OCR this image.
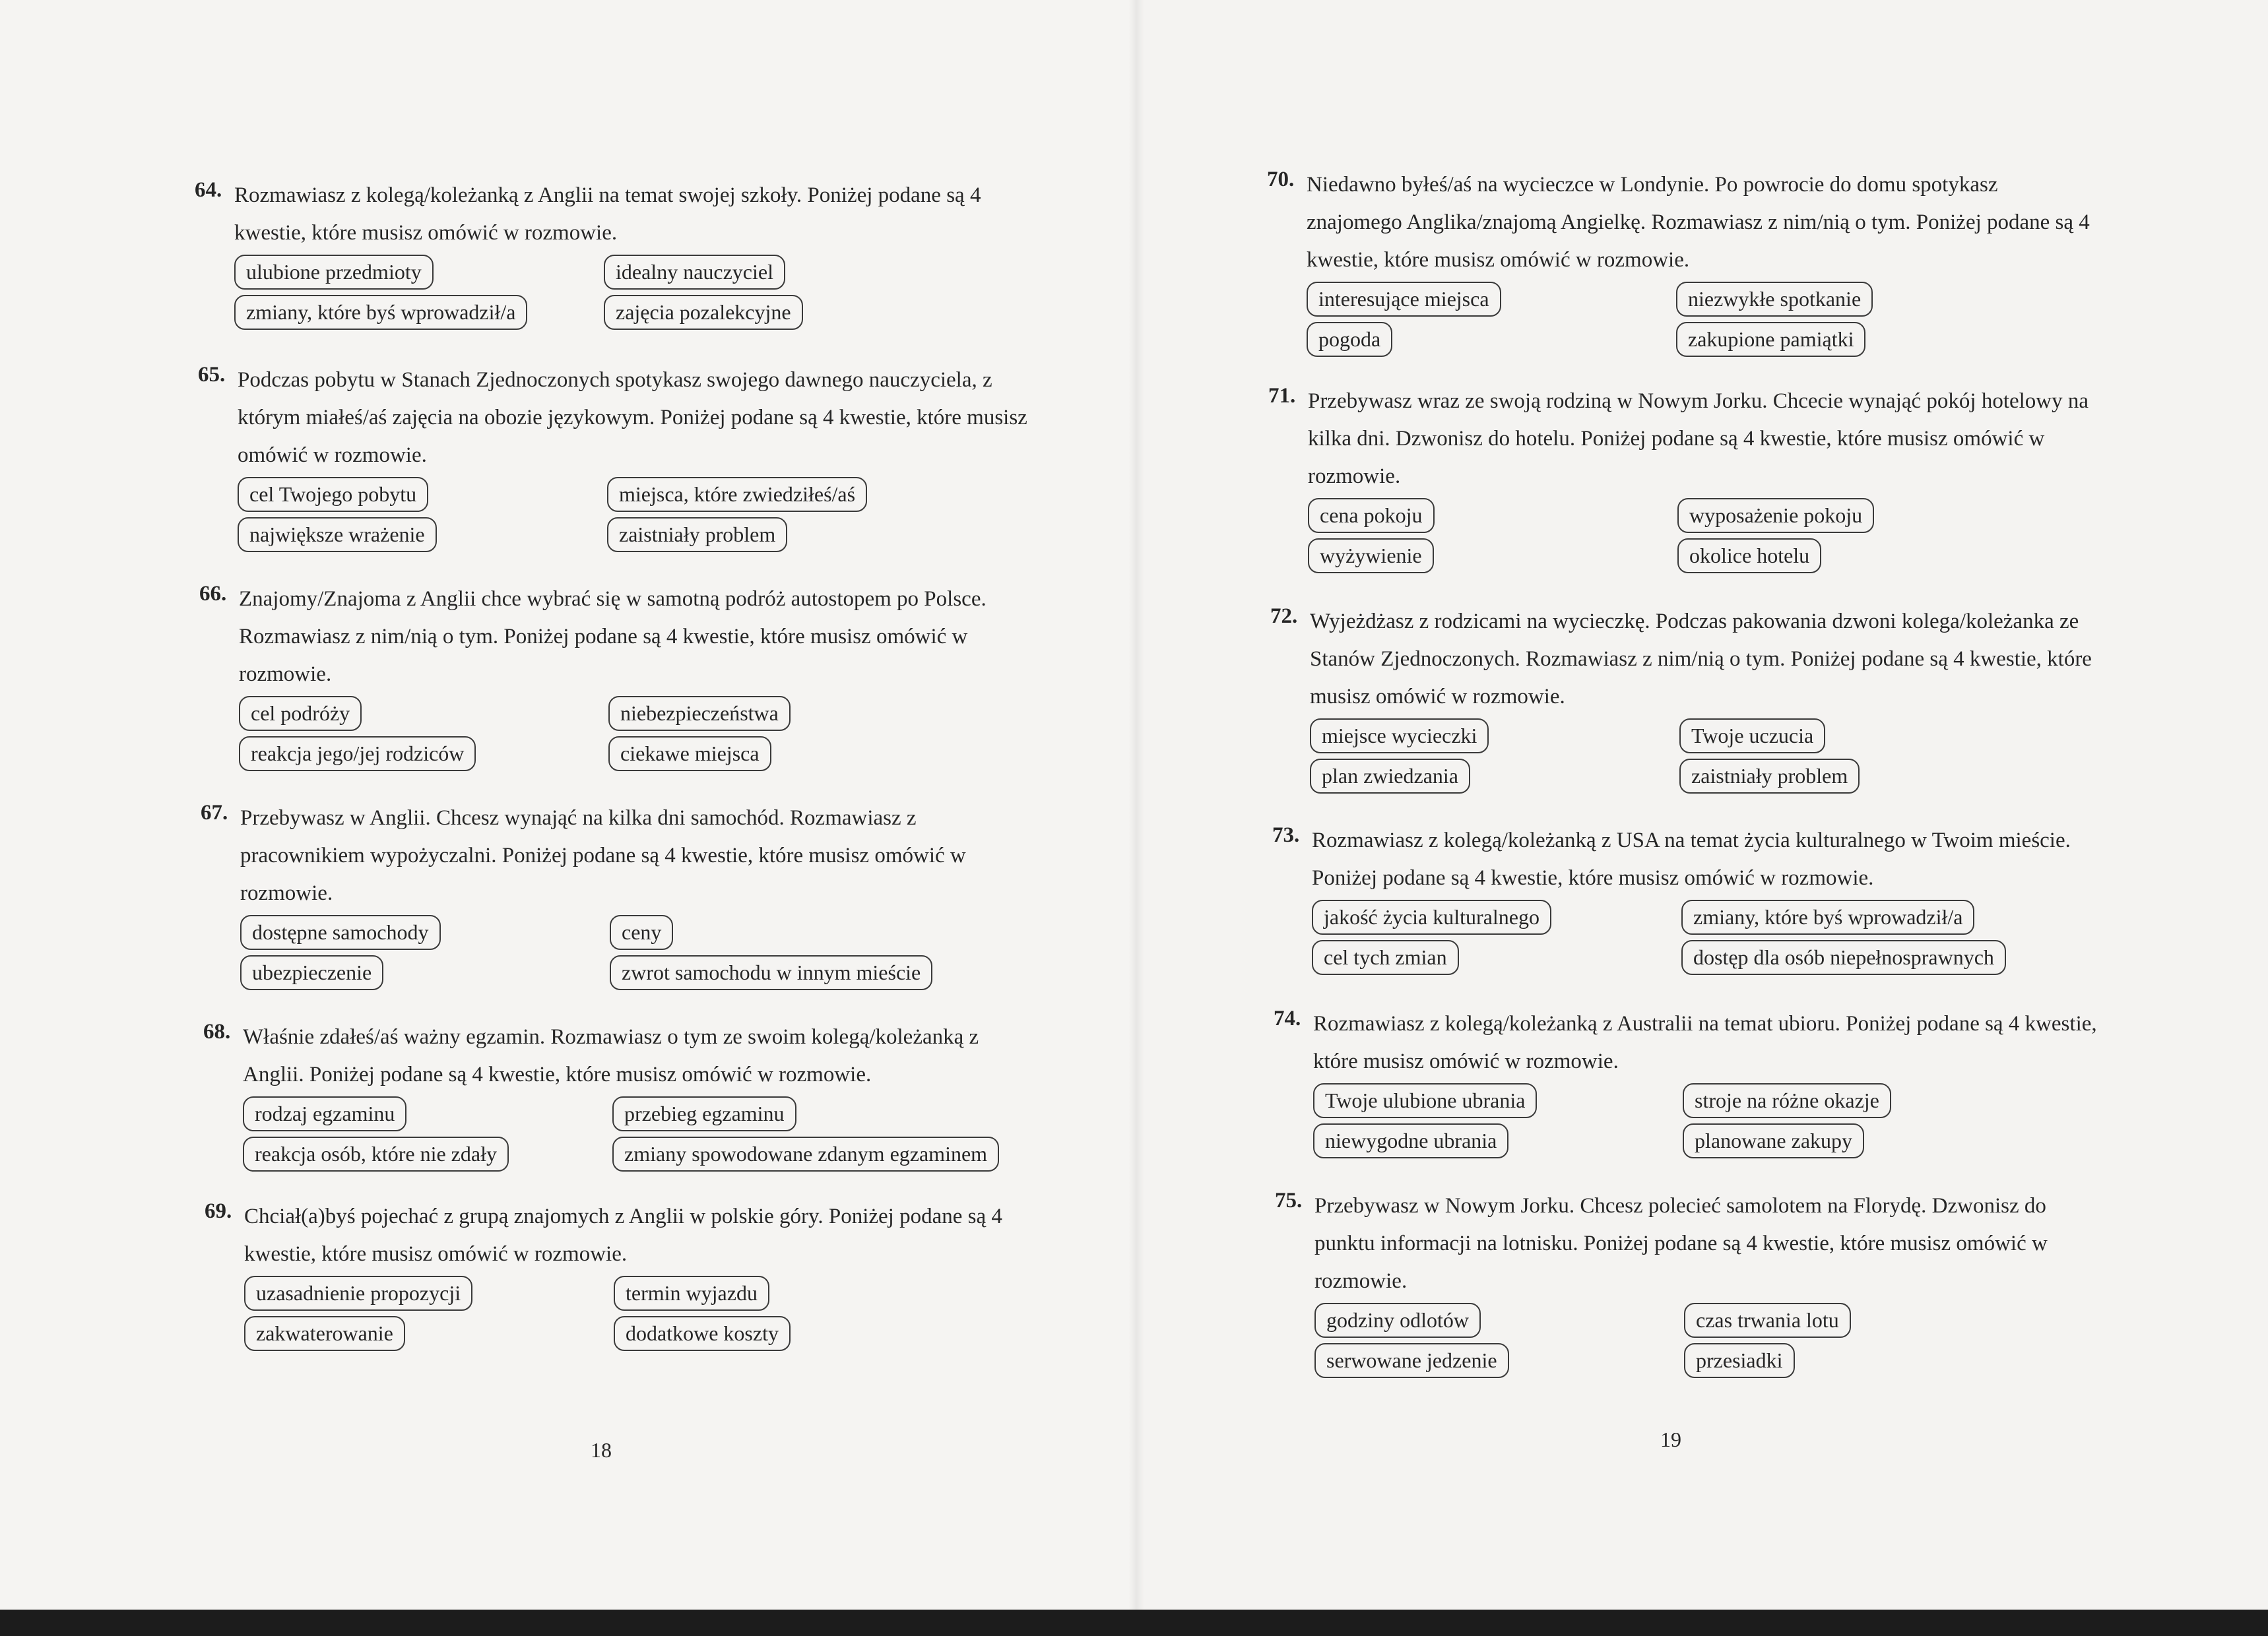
64. Rozmawiasz z kolegą/koleżanką z Anglii na temat swojej szkoły. Poniżej podane są 4 kwestie, które musisz omówić w rozmowie.

ulubione przedmioty	idealny nauczyciel
zmiany, które byś wprowadził/a	zajęcia pozalekcyjne
65. Podczas pobytu w Stanach Zjednoczonych spotykasz swojego dawnego nauczyciela, z którym miałeś/aś zajęcia na obozie językowym. Poniżej podane są 4 kwestie, które musisz omówić w rozmowie.

cel Twojego pobytu	miejsca, które zwiedziłeś/aś
największe wrażenie	zaistniały problem
66. Znajomy/Znajoma z Anglii chce wybrać się w samotną podróż autostopem po Polsce. Rozmawiasz z nim/nią o tym. Poniżej podane są 4 kwestie, które musisz omówić w rozmowie.

cel podróży	niebezpieczeństwa
reakcja jego/jej rodziców	ciekawe miejsca
67. Przebywasz w Anglii. Chcesz wynająć na kilka dni samochód. Rozmawiasz z pracownikiem wypożyczalni. Poniżej podane są 4 kwestie, które musisz omówić w rozmowie.

dostępne samochody	ceny
ubezpieczenie	zwrot samochodu w innym mieście
68. Właśnie zdałeś/aś ważny egzamin. Rozmawiasz o tym ze swoim kolegą/koleżanką z Anglii. Poniżej podane są 4 kwestie, które musisz omówić w rozmowie.

rodzaj egzaminu	przebieg egzaminu
reakcja osób, które nie zdały	zmiany spowodowane zdanym egzaminem
69. Chciał(a)byś pojechać z grupą znajomych z Anglii w polskie góry. Poniżej podane są 4 kwestie, które musisz omówić w rozmowie.

uzasadnienie propozycji	termin wyjazdu
zakwaterowanie	dodatkowe koszty
18
70. Niedawno byłeś/aś na wycieczce w Londynie. Po powrocie do domu spotykasz znajomego Anglika/znajomą Angielkę. Rozmawiasz z nim/nią o tym. Poniżej podane są 4 kwestie, które musisz omówić w rozmowie.

interesujące miejsca	niezwykłe spotkanie
pogoda	zakupione pamiątki
71. Przebywasz wraz ze swoją rodziną w Nowym Jorku. Chcecie wynająć pokój hotelowy na kilka dni. Dzwonisz do hotelu. Poniżej podane są 4 kwestie, które musisz omówić w rozmowie.

cena pokoju	wyposażenie pokoju
wyżywienie	okolice hotelu
72. Wyjeżdżasz z rodzicami na wycieczkę. Podczas pakowania dzwoni kolega/koleżanka ze Stanów Zjednoczonych. Rozmawiasz z nim/nią o tym. Poniżej podane są 4 kwestie, które musisz omówić w rozmowie.

miejsce wycieczki	Twoje uczucia
plan zwiedzania	zaistniały problem
73. Rozmawiasz z kolegą/koleżanką z USA na temat życia kulturalnego w Twoim mieście. Poniżej podane są 4 kwestie, które musisz omówić w rozmowie.

jakość życia kulturalnego	zmiany, które byś wprowadził/a
cel tych zmian	dostęp dla osób niepełnosprawnych
74. Rozmawiasz z kolegą/koleżanką z Australii na temat ubioru. Poniżej podane są 4 kwestie, które musisz omówić w rozmowie.

Twoje ulubione ubrania	stroje na różne okazje
niewygodne ubrania	planowane zakupy
75. Przebywasz w Nowym Jorku. Chcesz polecieć samolotem na Florydę. Dzwonisz do punktu informacji na lotnisku. Poniżej podane są 4 kwestie, które musisz omówić w rozmowie.

godziny odlotów	czas trwania lotu
serwowane jedzenie	przesiadki
19
